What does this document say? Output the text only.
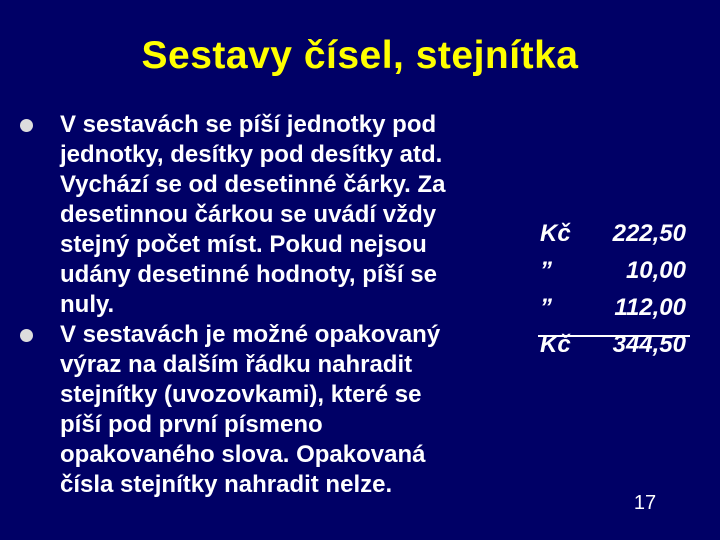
Sestavy čísel, stejnítka
V sestavách se píší jednotky pod
jednotky, desítky pod desítky atd.
Vychází se od desetinné čárky. Za
desetinnou čárkou se uvádí vždy
stejný počet míst. Pokud nejsou
udány desetinné hodnoty, píší se
nuly.
V sestavách je možné opakovaný
výraz na dalším řádku nahradit
stejnítky (uvozovkami), které se
píší pod první písmeno
opakovaného slova. Opakovaná
čísla stejnítky nahradit nelze.
Kč 222,50
”	10,00
”	112,00
Kč 344,50
17
